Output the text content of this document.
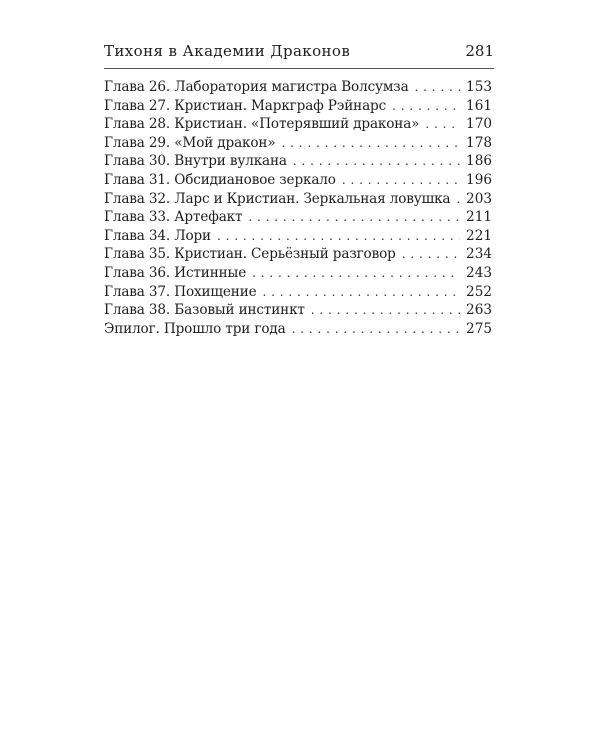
Тихоня в Академии Драконов	281
Глава 26. Лаборатория магистра Волсумза . . .	153
Глава 27. Кристиан. Маркграф Рэйнарс . . .	161
Глава 28. Кристиан. «Потерявший дракона» . . .	170
Глава 29. «Мой дракон» . . .	178
Глава 30. Внутри вулкана . . .	186
Глава 31. Обсидиановое зеркало . . .	196
Глава 32. Ларс и Кристиан. Зеркальная ловушка . . . 203
Глава 33. Артефакт . . .	211
Глава 34. Лори . . .	221
Глава 35. Кристиан. Серьёзный разговор . . .	234
Глава 36. Истинные . . .	243
Глава 37. Похищение . . .	252
Глава 38. Базовый инстинкт . . .	263
Эпилог. Прошло три года . . .	275
